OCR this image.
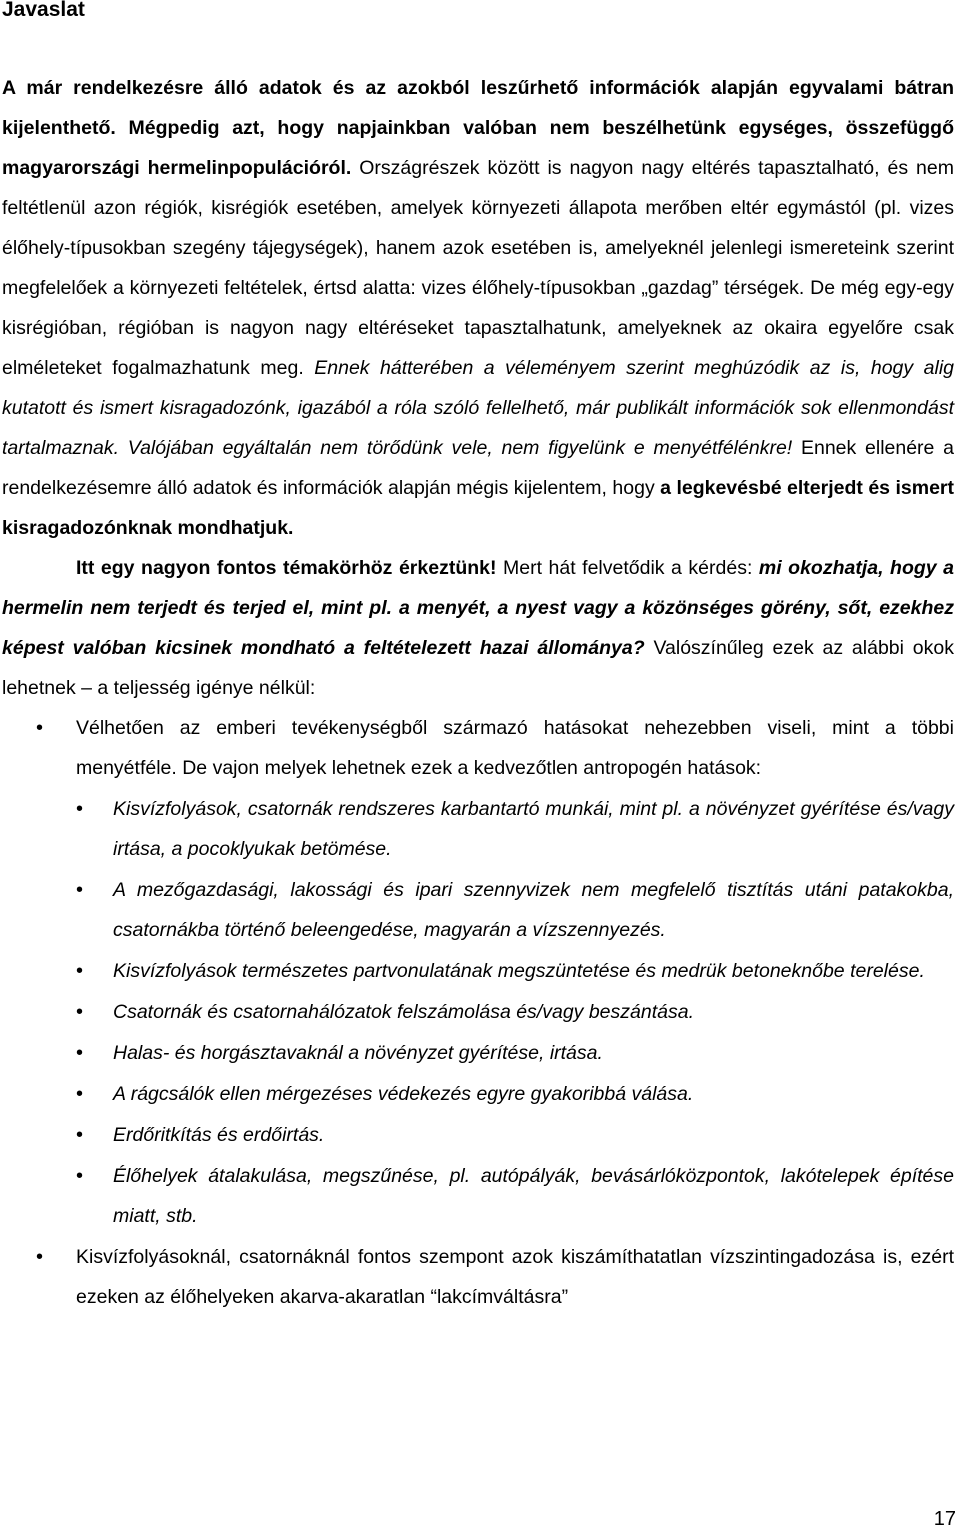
Javaslat

A már rendelkezésre álló adatok és az azokból leszűrhető információk alapján egyvalami bátran kijelenthető. Mégpedig azt, hogy napjainkban valóban nem beszélhetünk egységes, összefüggő magyarországi hermelinpopulációról. Országrészek között is nagyon nagy eltérés tapasztalható, és nem feltétlenül azon régiók, kisrégiók esetében, amelyek környezeti állapota merőben eltér egymástól (pl. vizes élőhely-típusokban szegény tájegységek), hanem azok esetében is, amelyeknél jelenlegi ismereteink szerint megfelelőek a környezeti feltételek, értsd alatta: vizes élőhely-típusokban „gazdag” térségek. De még egy-egy kisrégióban, régióban is nagyon nagy eltéréseket tapasztalhatunk, amelyeknek az okaira egyelőre csak elméleteket fogalmazhatunk meg. Ennek hátterében a véleményem szerint meghúzódik az is, hogy alig kutatott és ismert kisragadozónk, igazából a róla szóló fellelhető, már publikált információk sok ellenmondást tartalmaznak. Valójában egyáltalán nem törődünk vele, nem figyelünk e menyétfélénkre! Ennek ellenére a rendelkezésemre álló adatok és információk alapján mégis kijelentem, hogy a legkevésbé elterjedt és ismert kisragadozónknak mondhatjuk.

Itt egy nagyon fontos témakörhöz érkeztünk! Mert hát felvetődik a kérdés: mi okozhatja, hogy a hermelin nem terjedt és terjed el, mint pl. a menyét, a nyest vagy a közönséges görény, sőt, ezekhez képest valóban kicsinek mondható a feltételezett hazai állománya? Valószínűleg ezek az alábbi okok lehetnek – a teljesség igénye nélkül:

• Vélhetően az emberi tevékenységből származó hatásokat nehezebben viseli, mint a többi menyétféle. De vajon melyek lehetnek ezek a kedvezőtlen antropogén hatások:
• Kisvízfolyások, csatornák rendszeres karbantartó munkái, mint pl. a növényzet gyérítése és/vagy irtása, a pocoklyukak betömése.
• A mezőgazdasági, lakossági és ipari szennyvizek nem megfelelő tisztítás utáni patakokba, csatornákba történő beleengedése, magyarán a vízszennyezés.
• Kisvízfolyások természetes partvonulatának megszüntetése és medrük betoneknőbe terelése.
• Csatornák és csatornahálózatok felszámolása és/vagy beszántása.
• Halas- és horgásztavaknál a növényzet gyérítése, irtása.
• A rágcsálók ellen mérgezéses védekezés egyre gyakoribbá válása.
• Erdőritkítás és erdőirtás.
• Élőhelyek átalakulása, megszűnése, pl. autópályák, bevásárlóközpontok, lakótelepek építése miatt, stb.
• Kisvízfolyásoknál, csatornáknál fontos szempont azok kiszámíthatatlan vízszintingadozása is, ezért ezeken az élőhelyeken akarva-akaratlan “lakcímváltásra”
17
